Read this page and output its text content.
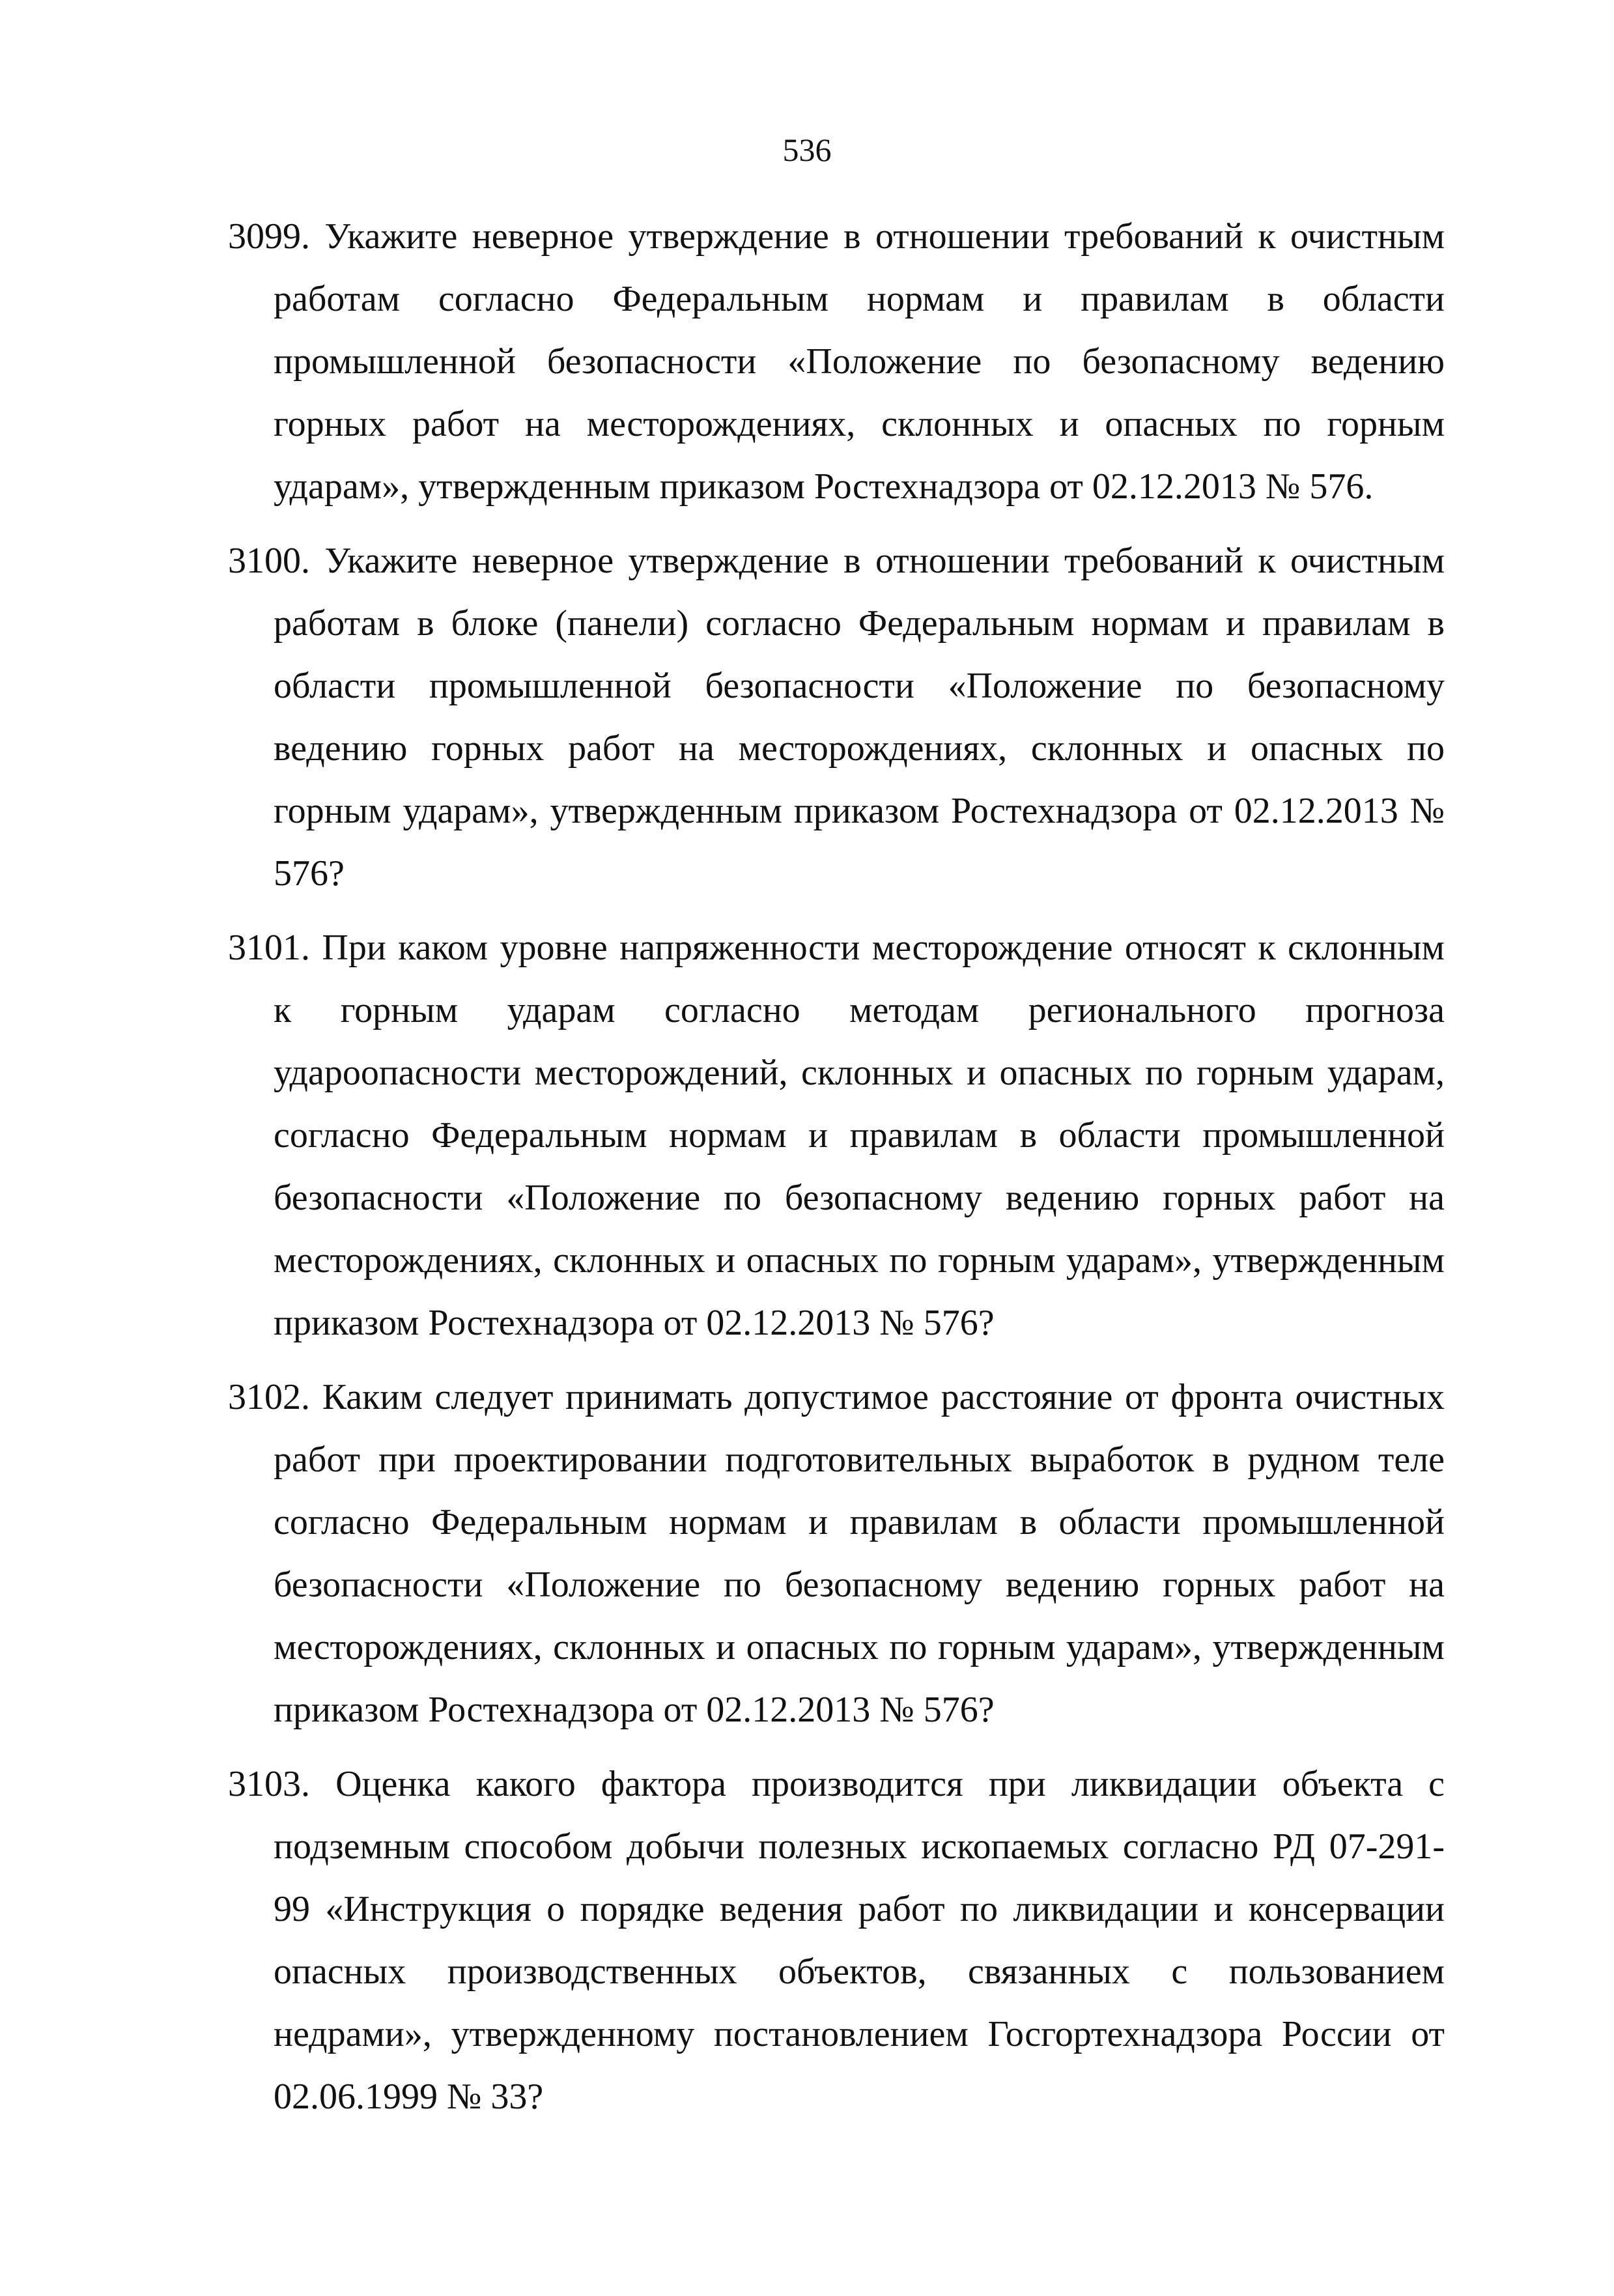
536
3099. Укажите неверное утверждение в отношении требований к очистным работам согласно Федеральным нормам и правилам в области промышленной безопасности «Положение по безопасному ведению горных работ на месторождениях, склонных и опасных по горным ударам», утвержденным приказом Ростехнадзора от 02.12.2013 № 576.
3100. Укажите неверное утверждение в отношении требований к очистным работам в блоке (панели) согласно Федеральным нормам и правилам в области промышленной безопасности «Положение по безопасному ведению горных работ на месторождениях, склонных и опасных по горным ударам», утвержденным приказом Ростехнадзора от 02.12.2013 № 576?
3101. При каком уровне напряженности месторождение относят к склонным к горным ударам согласно методам регионального прогноза удароопасности месторождений, склонных и опасных по горным ударам, согласно Федеральным нормам и правилам в области промышленной безопасности «Положение по безопасному ведению горных работ на месторождениях, склонных и опасных по горным ударам», утвержденным приказом Ростехнадзора от 02.12.2013 № 576?
3102. Каким следует принимать допустимое расстояние от фронта очистных работ при проектировании подготовительных выработок в рудном теле согласно Федеральным нормам и правилам в области промышленной безопасности «Положение по безопасному ведению горных работ на месторождениях, склонных и опасных по горным ударам», утвержденным приказом Ростехнадзора от 02.12.2013 № 576?
3103. Оценка какого фактора производится при ликвидации объекта с подземным способом добычи полезных ископаемых согласно РД 07-291-99 «Инструкция о порядке ведения работ по ликвидации и консервации опасных производственных объектов, связанных с пользованием недрами», утвержденному постановлением Госгортехнадзора России от 02.06.1999 № 33?
